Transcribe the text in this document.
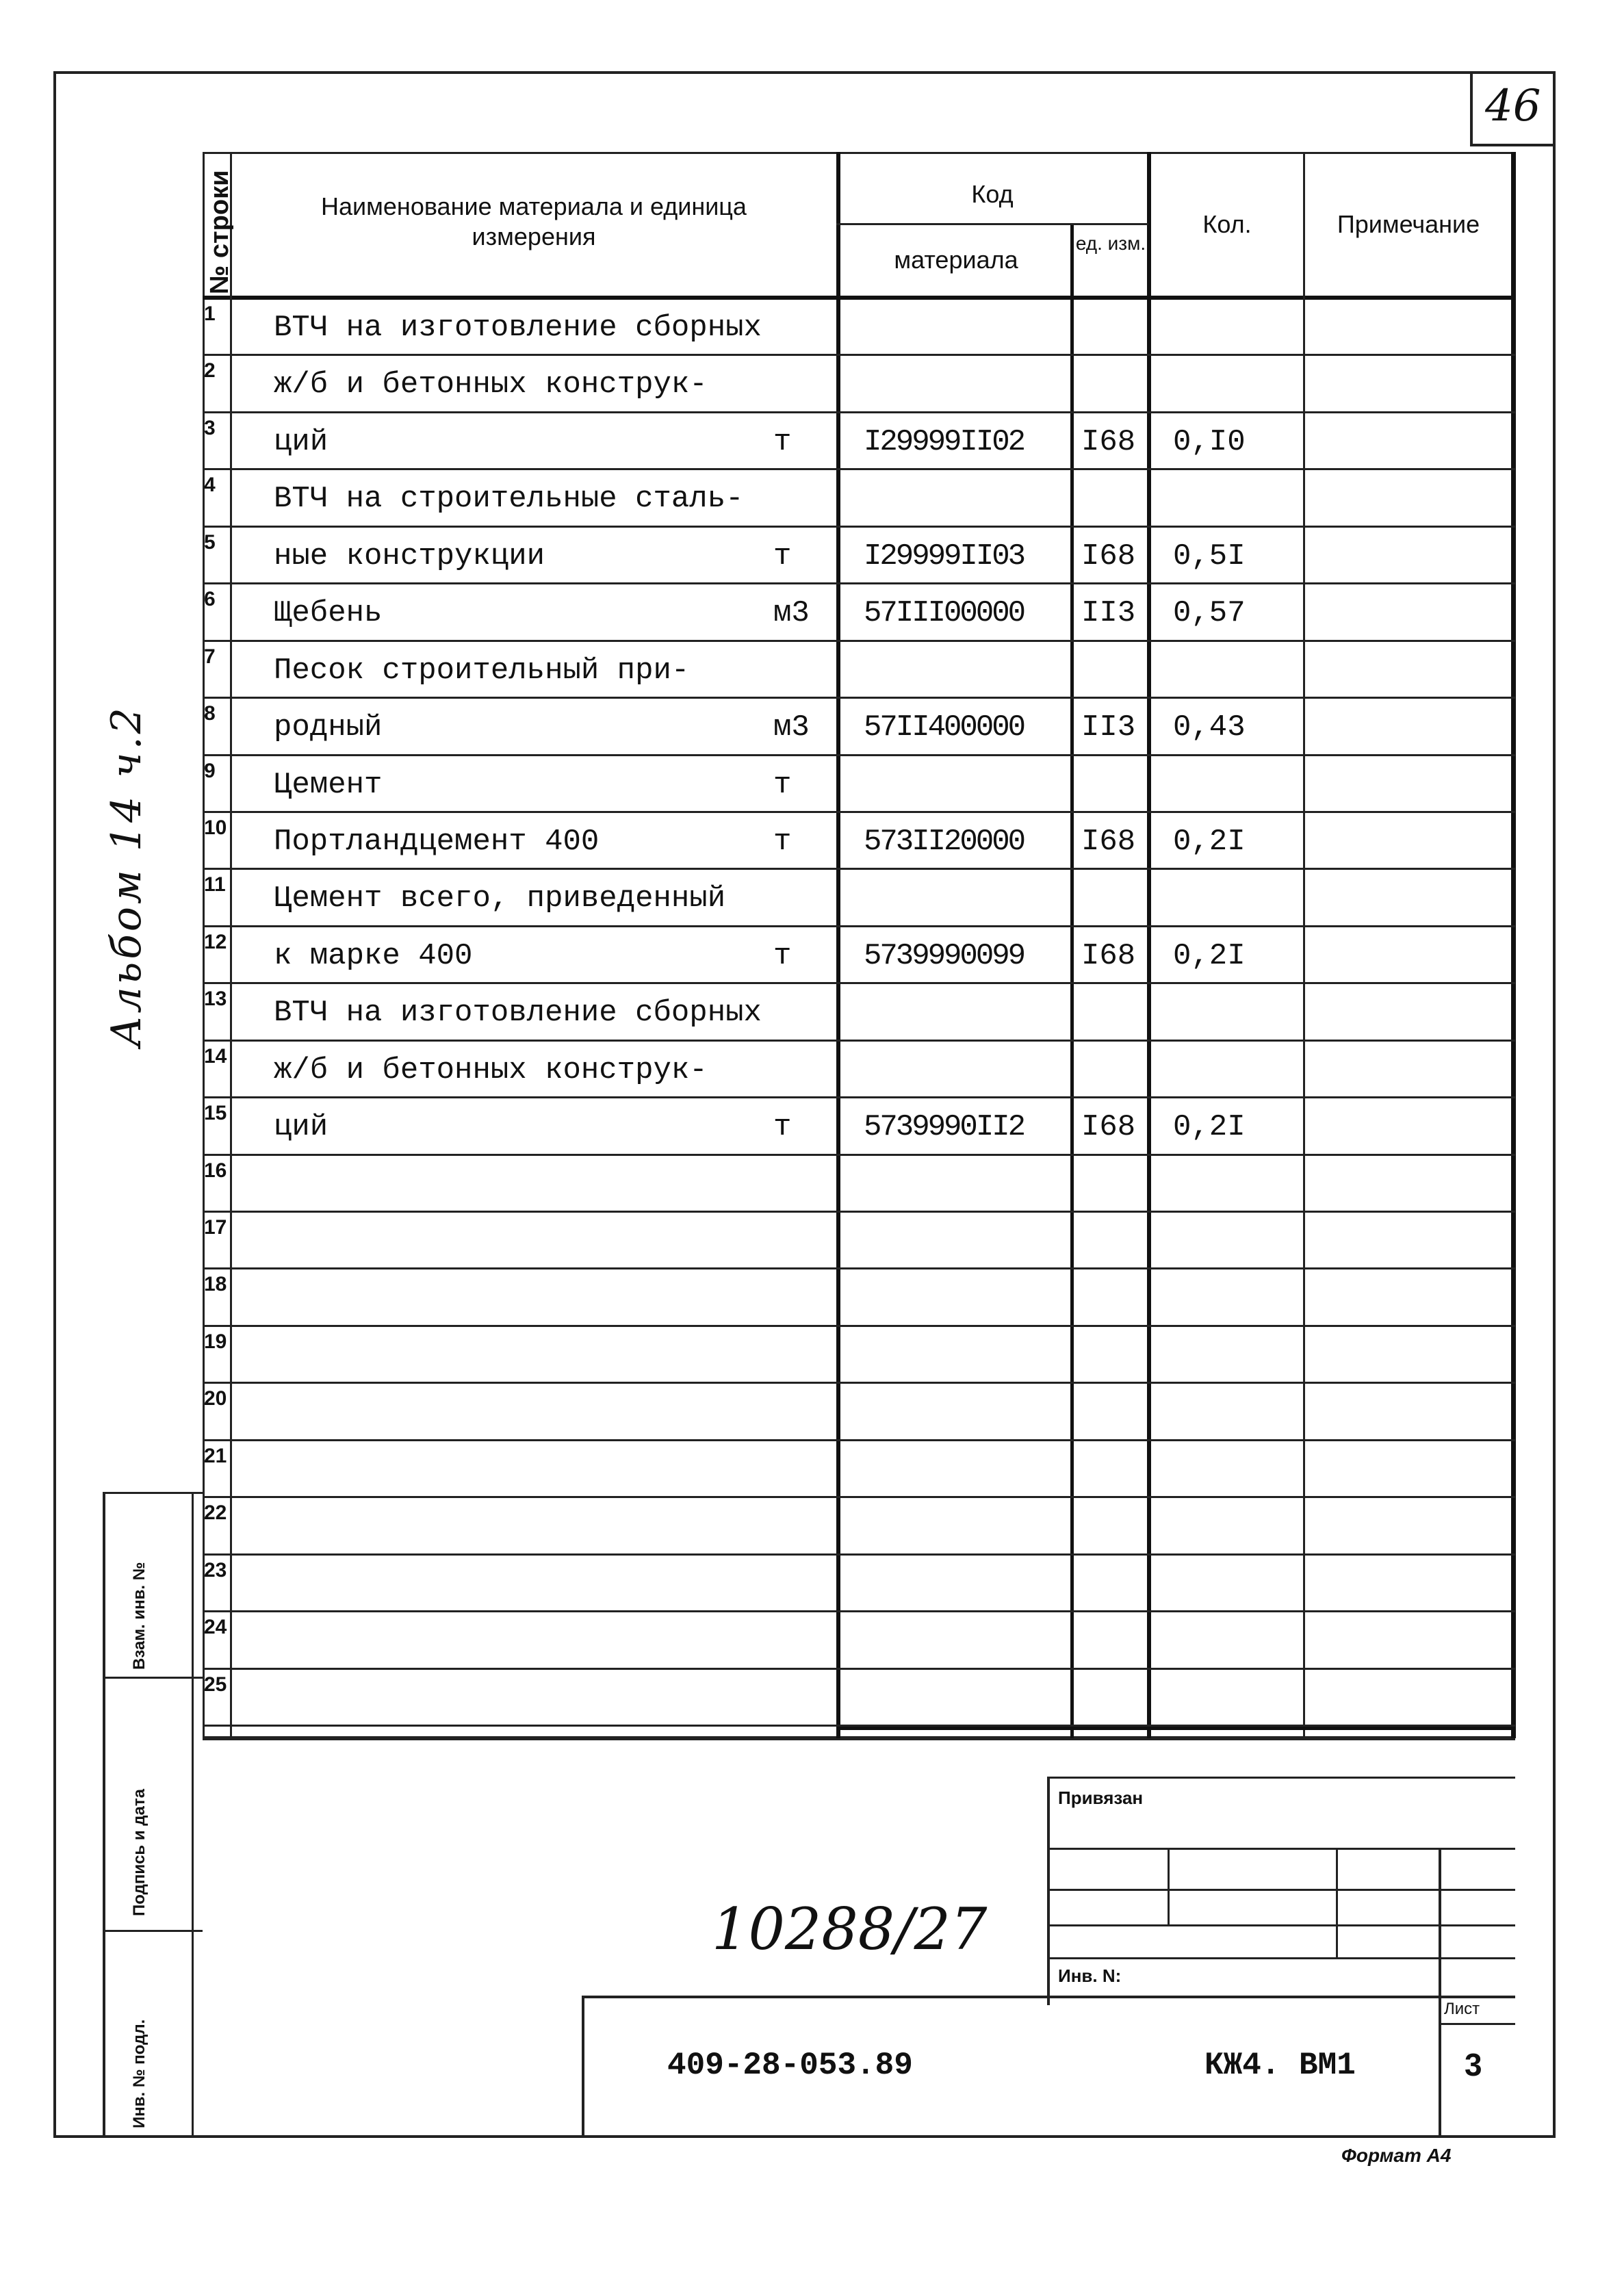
46
Альбом 14 ч.2
Взам. инв. №
Подпись и дата
Инв. № подл.
№ строки	Наименование материала и единица измерения
Код
материала
ед. изм.
Кол.	Примечание
1	ВТЧ на изготовление сборных
2	ж/б и бетонных конструк-
3	ций	т I29999II02 I68 0,I0
4	ВТЧ на строительные сталь-
5	ные конструкции	т I29999II03 I68 0,5I
6	Щебень	м3 57III00000 II3 0,57
7	Песок строительный при-
8	родный	м3 57II400000 II3 0,43
9	Цемент	т
10 Портландцемент 400	т 573II20000 I68 0,2I
11 Цемент всего, приведенный
12 к марке 400	т 5739990099 I68 0,2I
13 ВТЧ на изготовление сборных
14 ж/б и бетонных конструк-
15 ций	т 5739990II2 I68 0,2I
16
17
18
19
20
21
22
23
24
25
Привязан
Инв. N:
Лист
3
409-28-053.89	КЖ4. ВМ1
10288/27
Формат А4
